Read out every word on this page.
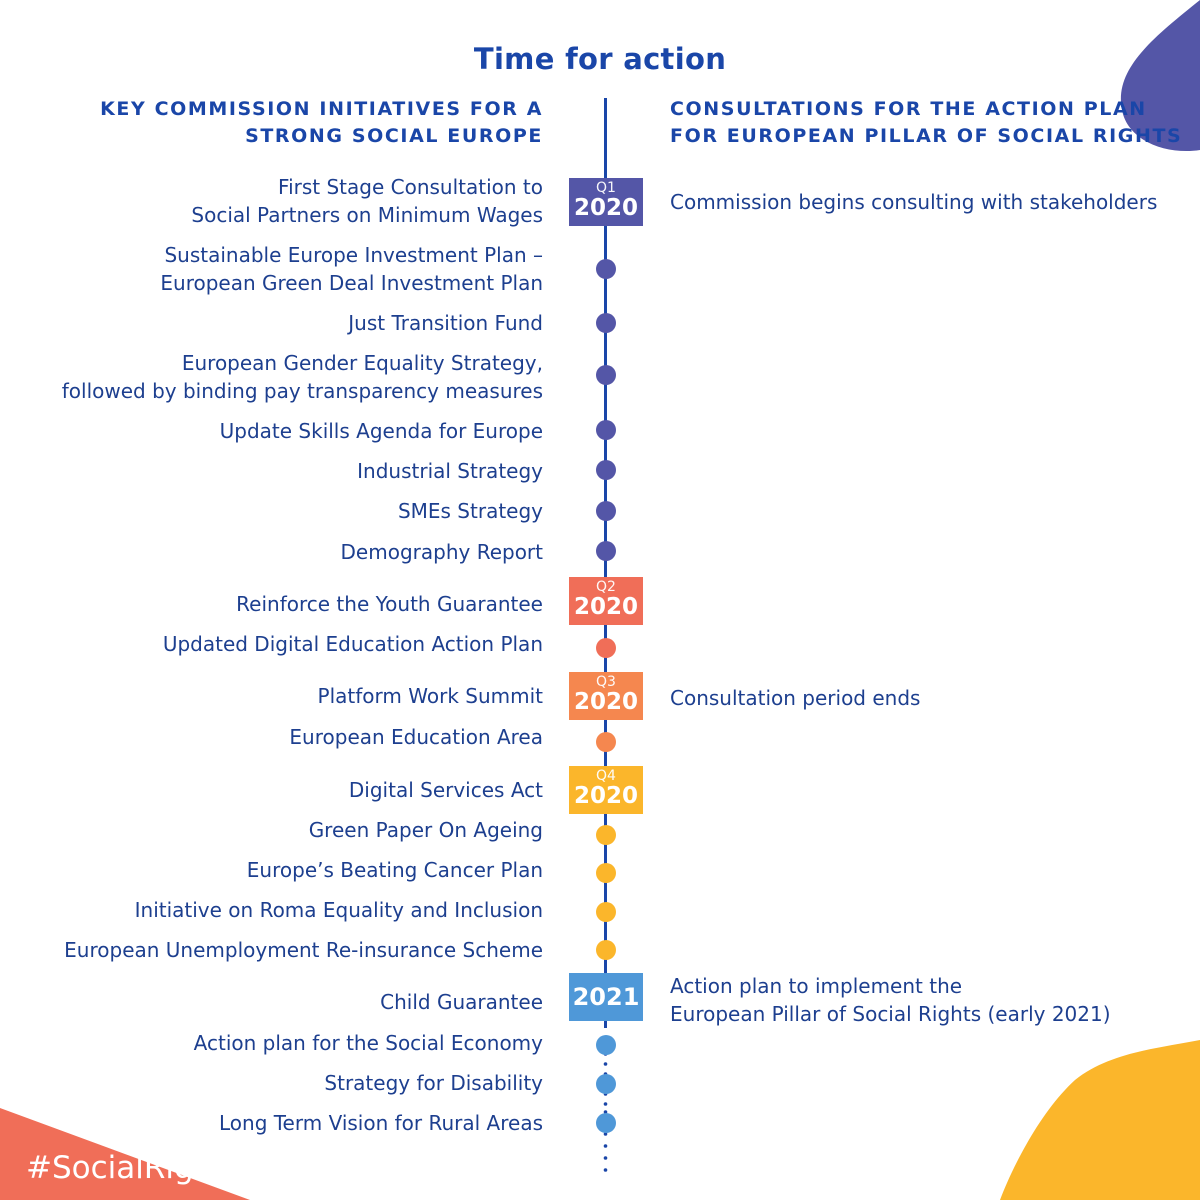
Time for action
KEY COMMISSION INITIATIVES FOR A
STRONG SOCIAL EUROPE
CONSULTATIONS FOR THE ACTION PLAN
FOR EUROPEAN PILLAR OF SOCIAL RIGHTS
Q1
2020
Q2
2020
Q3
2020
Q4
2020
2021
First Stage Consultation to
Social Partners on Minimum Wages
Sustainable Europe Investment Plan –
European Green Deal Investment Plan
Just Transition Fund
European Gender Equality Strategy,
followed by binding pay transparency measures
Update Skills Agenda for Europe
Industrial Strategy
SMEs Strategy
Demography Report
Reinforce the Youth Guarantee
Updated Digital Education Action Plan
Platform Work Summit
European Education Area
Digital Services Act
Green Paper On Ageing
Europe’s Beating Cancer Plan
Initiative on Roma Equality and Inclusion
European Unemployment Re-insurance Scheme
Child Guarantee
Action plan for the Social Economy
Strategy for Disability
Long Term Vision for Rural Areas
Commission begins consulting with stakeholders
Consultation period ends
Action plan to implement the
European Pillar of Social Rights (early 2021)
#SocialRights
